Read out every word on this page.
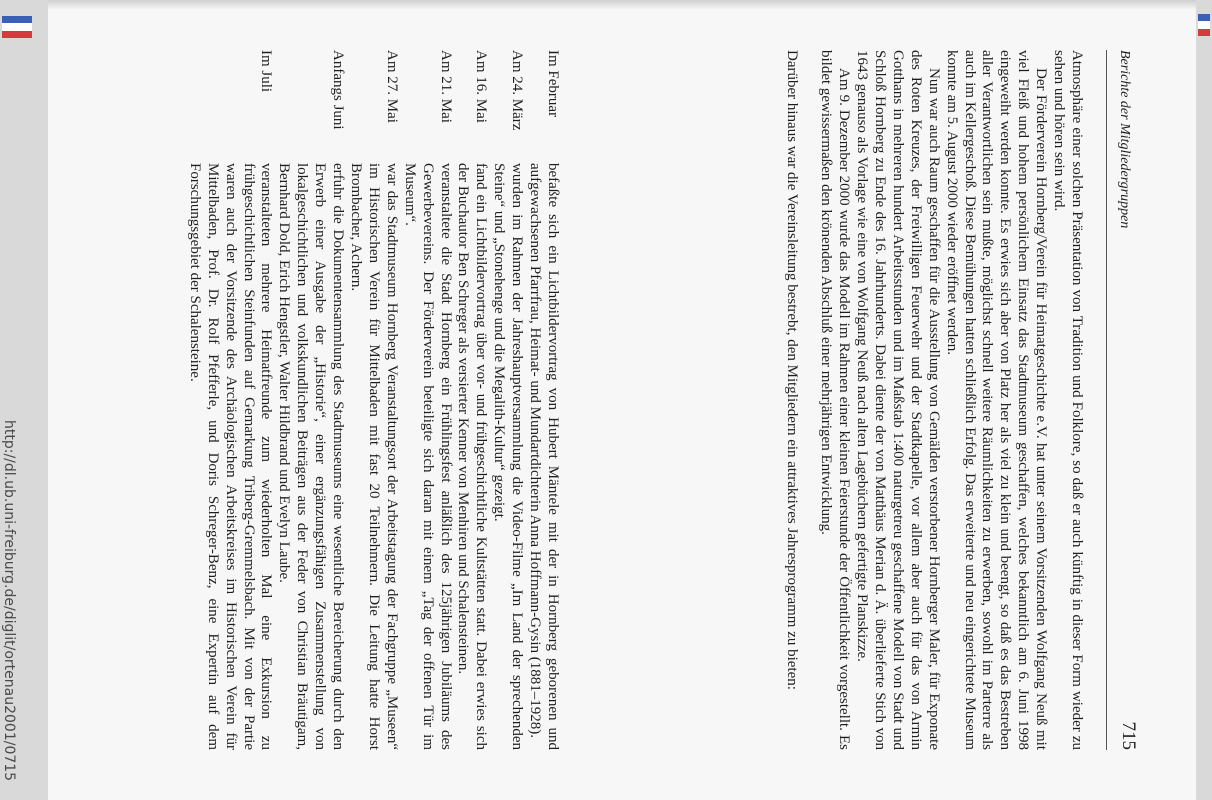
http://dl.ub.uni-freiburg.de/diglit/ortenau2001/0715
Berichte der Mitgliedergruppen
715

Atmosphäre einer solchen Präsentation von Tradition und Folklore, so daß er auch künftig in dieser Form wieder zu sehen und hören sein wird.

Der Förderverein Hornberg/Verein für Heimatgeschichte e.V. hat unter seinem Vorsitzenden Wolfgang Neuß mit viel Fleiß und hohem persönlichem Einsatz das Stadtmuseum geschaffen, welches bekanntlich am 6. Juni 1998 eingeweiht werden konnte. Es erwies sich aber von Platz her als viel zu klein und beengt, so daß es das Bestreben aller Verantwortlichen sein mußte, möglichst schnell weitere Räumlichkeiten zu erwerben, sowohl im Parterre als auch im Kellergeschoß. Diese Bemühungen hatten schließlich Erfolg. Das erweiterte und neu eingerichtete Museum konnte am 5. August 2000 wieder eröffnet werden.

Nun war auch Raum geschaffen für die Ausstellung von Gemälden verstorbener Hornberger Maler, für Exponate des Roten Kreuzes, der Freiwilligen Feuerwehr und der Stadtkapelle, vor allem aber auch für das von Armin Gotthans in mehreren hundert Arbeitsstunden und im Maßstab 1:400 naturgetreu geschaffene Modell von Stadt und Schloß Hornberg zu Ende des 16. Jahrhunderts. Dabei diente der von Matthäus Merian d. Ä. überlieferte Stich von 1643 genauso als Vorlage wie eine von Wolfgang Neuß nach alten Lagebüchern gefertigte Planskizze.

Am 9. Dezember 2000 wurde das Modell im Rahmen einer kleinen Feierstunde der Öffentlichkeit vorgestellt. Es bildet gewissermaßen den krönenden Abschluß einer mehrjährigen Entwicklung.

Darüber hinaus war die Vereinsleitung bestrebt, den Mitgliedern ein attraktives Jahresprogramm zu bieten:

Im Februar
befaßte sich ein Lichtbildervortrag von Hubert Mäntele mit der in Hornberg geborenen und aufgewachsenen Pfarrfrau, Heimat- und Mundartdichterin Anna Hoffmann-Gysin (1881–1928).
Am 24. März
wurden im Rahmen der Jahreshauptversammlung die Video-Filme „Im Land der sprechenden Steine“ und „Stonehenge und die Megalith-Kultur“ gezeigt.
Am 16. Mai
fand ein Lichtbildervortrag über vor- und frühgeschichtliche Kultstätten statt. Dabei erwies sich der Buchautor Ben Schreger als versierter Kenner von Menhiren und Schalensteinen.
Am 21. Mai
veranstaltete die Stadt Hornberg ein Frühlingsfest anläßlich des 125jährigen Jubiläums des Gewerbevereins. Der Förderverein beteiligte sich daran mit einem „Tag der offenen Tür im Museum“.
Am 27. Mai
war das Stadtmuseum Hornberg Veranstaltungsort der Arbeitstagung der Fachgruppe „Museen“ im Historischen Verein für Mittelbaden mit fast 20 Teilnehmern. Die Leitung hatte Horst Brombacher, Achern.
Anfangs Juni
erfuhr die Dokumentensammlung des Stadtmuseums eine wesentliche Bereicherung durch den Erwerb einer Ausgabe der „Historie“, einer ergänzungsfähigen Zusammenstellung von lokalgeschichtlichen und volkskundlichen Beiträgen aus der Feder von Christian Bräutigam, Bernhard Dold, Erich Hengstler, Walter Hildbrand und Evelyn Laube.
Im Juli
veranstalteten mehrere Heimatfreunde zum wiederholten Mal eine Exkursion zu frühgeschichtlichen Steinfunden auf Gemarkung Triberg-Gremmelsbach. Mit von der Partie waren auch der Vorsitzende des Archäologischen Arbeitskreises im Historischen Verein für Mittelbaden, Prof. Dr. Rolf Pfefferle, und Doris Schreger-Benz, eine Expertin auf dem Forschungsgebiet der Schalensteine.
